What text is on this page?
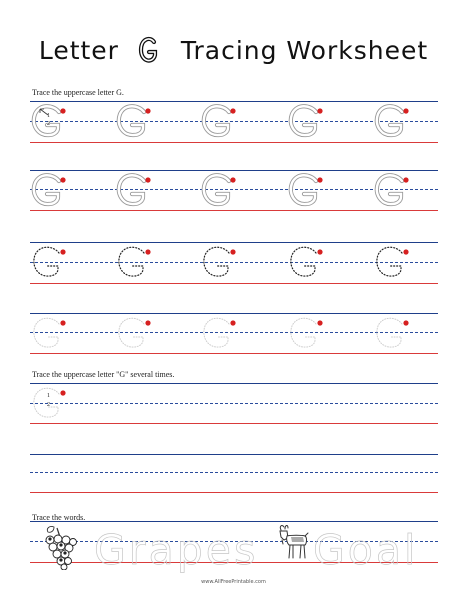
Letter Tracing Worksheet
Trace the uppercase letter G.
Trace the uppercase letter "G" several times.
Trace the words.
1
2
1
2
Grapes Goal
www.AllFreePrintable.com
